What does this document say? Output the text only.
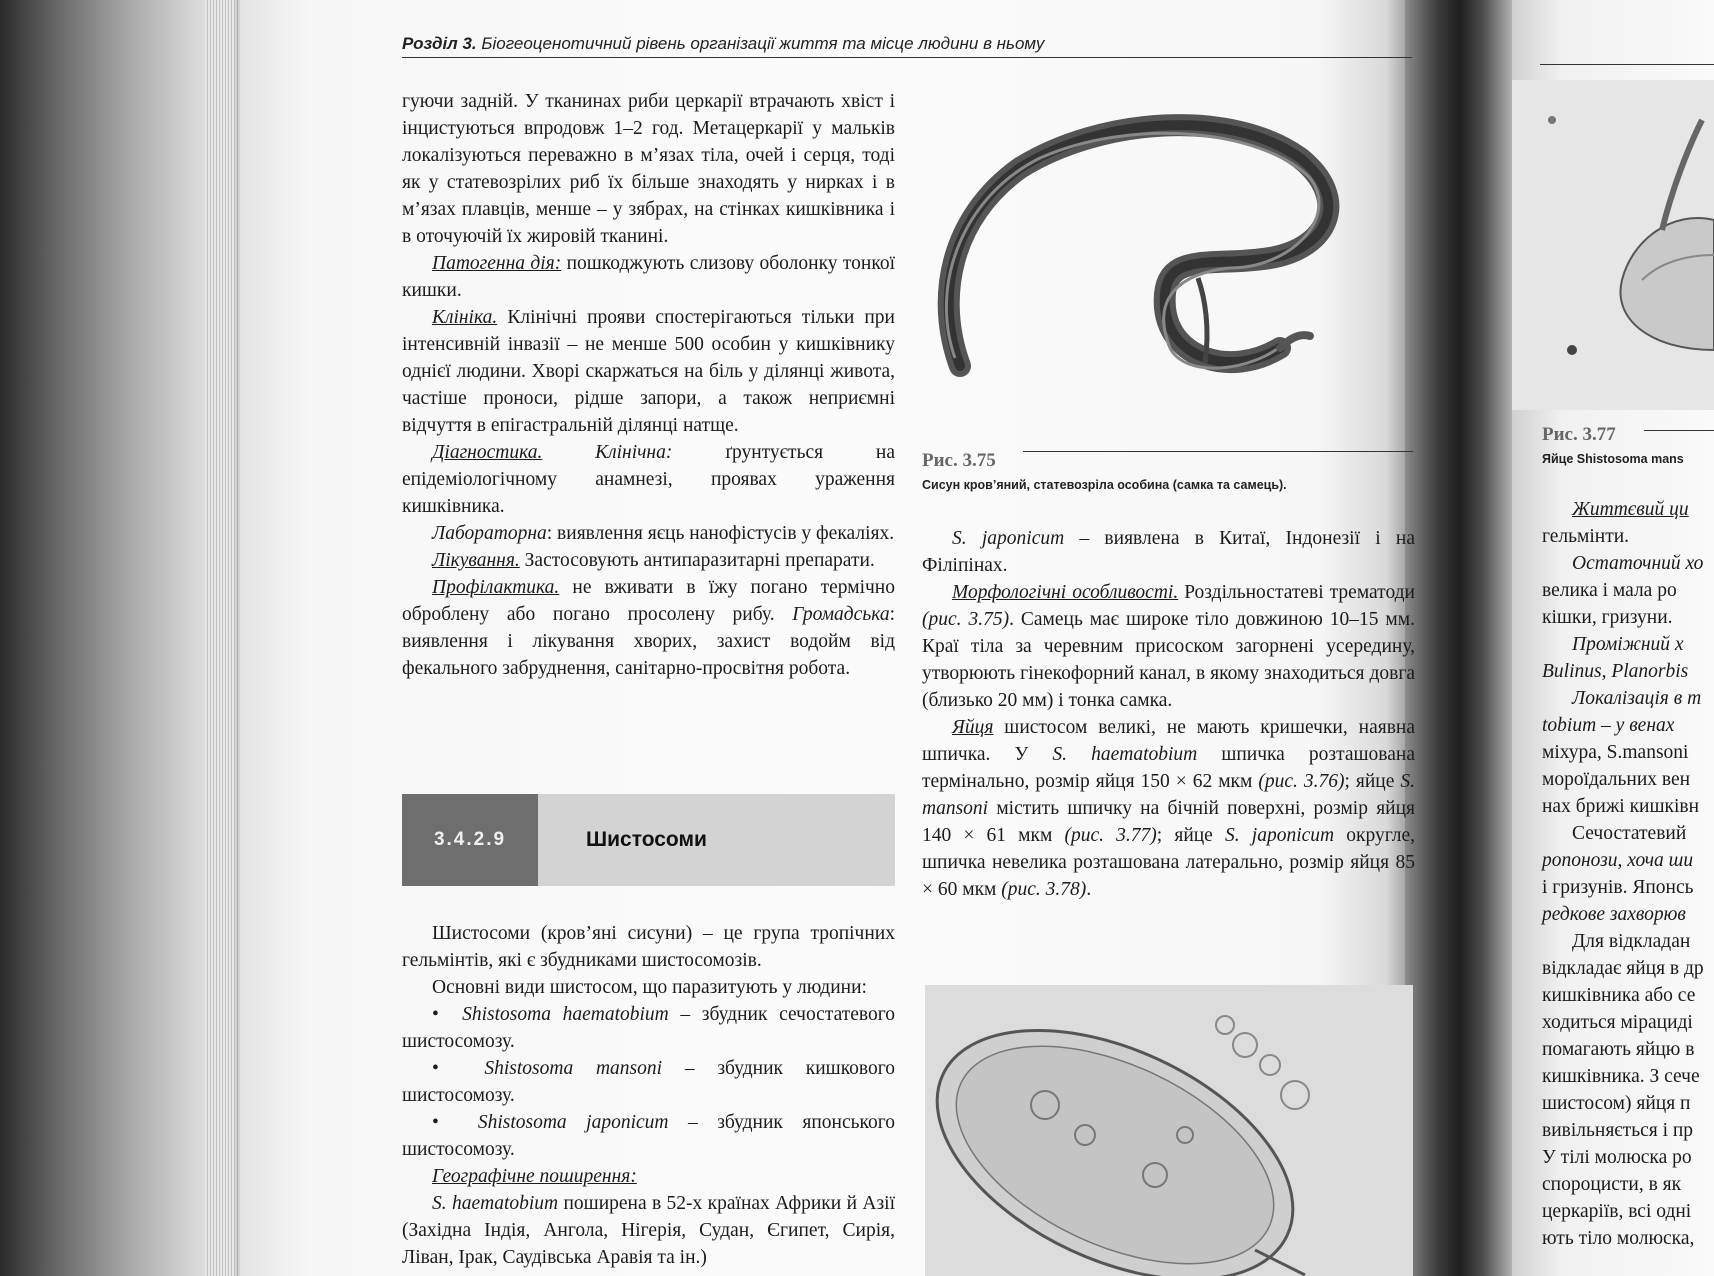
Розділ 3. Біогеоценотичний рівень організації життя та місце людини в ньому

гуючи задній. У тканинах риби церкарії втрачають хвіст і інцистуються впродовж 1–2 год. Метацеркарії у мальків локалізуються переважно в м’язах тіла, очей і серця, тоді як у статевозрілих риб їх більше знаходять у нирках і в м’язах плавців, менше – у зябрах, на стінках кишківника і в оточуючій їх жировій тканині.

Патогенна дія: пошкоджують слизову оболонку тонкої кишки.

Клініка. Клінічні прояви спостерігаються тільки при інтенсивній інвазії – не менше 500 особин у кишківнику однієї людини. Хворі скаржаться на біль у ділянці живота, частіше проноси, рідше запори, а також неприємні відчуття в епігастральній ділянці натще.

Діагностика. Клінічна: ґрунтується на епідеміологічному анамнезі, проявах ураження кишківника.

Лабораторна: виявлення яєць нанофістусів у фекаліях.

Лікування. Застосовують антипаразитарні препарати.

Профілактика. не вживати в їжу погано термічно оброблену або погано просолену рибу. Громадська: виявлення і лікування хворих, захист водойм від фекального забруднення, санітарно-просвітня робота.

3.4.2.9	Шистосоми

Шистосоми (кров’яні сисуни) – це група тропічних гельмінтів, які є збудниками шистосомозів.

Основні види шистосом, що паразитують у людини:

•  Shistosoma haematobium – збудник сечостатевого шистосомозу.

•  Shistosoma mansoni – збудник кишкового шистосомозу.

•  Shistosoma japonicum – збудник японського шистосомозу.

Географічне поширення:

S. haematobium поширена в 52-х країнах Африки й Азії (Західна Індія, Ангола, Нігерія, Судан, Єгипет, Сирія, Ліван, Ірак, Саудівська Аравія та ін.)

Рис. 3.75
Сисун кров’яний, статевозріла особина (самка та самець).

S. japonicum – виявлена в Китаї, Індонезії і на Філіпінах.

Морфологічні особливості. Роздільностатеві трематоди (рис. 3.75). Самець має широке тіло довжиною 10–15 мм. Краї тіла за черевним присоском загорнені усередину, утворюють гінекофорний канал, в якому знаходиться довга (близько 20 мм) і тонка самка.

Яйця шистосом великі, не мають кришечки, наявна шпичка. У S. haematobium шпичка розташована термінально, розмір яйця 150 × 62 мкм (рис. 3.76); яйце S. mansoni містить шпичку на бічній поверхні, розмір яйця 140 × 61 мкм (рис. 3.77); яйце S. japonicum округле, шпичка невелика розташована латерально, розмір яйця 85 × 60 мкм (рис. 3.78).

Рис. 3.77
Яйце Shistosoma mans
Життєвий ци
гельмінти.
Остаточний хо
велика і мала ро
кішки, гризуни.
Проміжний х
Bulinus, Planorbis
Локалізація в т
tobium – у венах
міхура, S.mansoni
мороїдальних вен
нах брижі кишківн
Сечостатевий
ропонози, хоча ши
і гризунів. Японсь
редкове захворюв
Для відкладан
відкладає яйця в др
кишківника або се
ходиться мірациді
помагають яйцю в
кишківника. З сече
шистосом) яйця п
вивільняється і пр
У тілі молюска ро
спороцисти, в як
церкаріїв, всі одні
ють тіло молюска,
